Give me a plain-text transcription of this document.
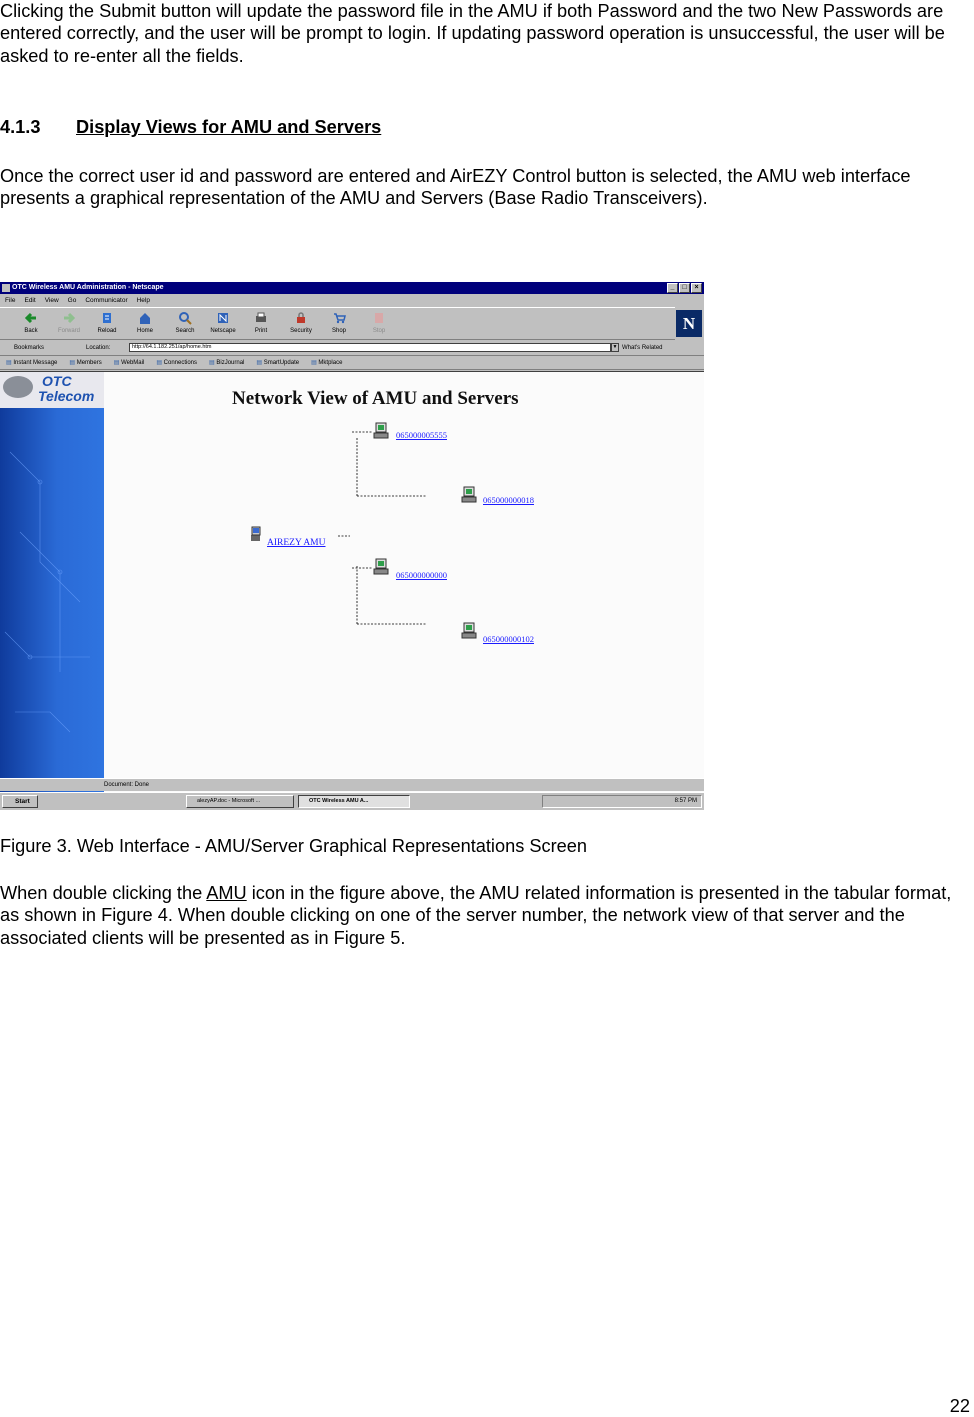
Clicking the Submit button will update the password file in the AMU if both Password and the two New Passwords are entered correctly, and the user will be prompt to login. If updating password operation is unsuccessful, the user will be asked to re-enter all the fields.

4.1.3 Display Views for AMU and Servers

Once the correct user id and password are entered and AirEZY Control button is selected, the AMU web interface presents a graphical representation of the AMU and Servers (Base Radio Transceivers).

OTC Wireless AMU Administration - Netscape	_	□	×
File Edit View Go Communicator Help
Back	Forward	Reload	Home	Search	Netscape	Print	Security	Shop	Stop	N
Bookmarks	Location:	http://64.1.182.251/ap/home.htm	▼ What's Related
▤ Instant Message	▤ Members	▤ WebMail	▤ Connections	▤ BizJournal	▤ SmartUpdate	▤ Mktplace
OTC
Telecom	Network View of AMU and Servers
AIREZY AMU
065000005555
065000000018
065000000000
065000000102
Document: Done
Start	alezyAP.doc - Microsoft ...	OTC Wireless AMU A...	8:57 PM
Figure 3. Web Interface - AMU/Server Graphical Representations Screen

When double clicking the AMU icon in the figure above, the AMU related information is presented in the tabular format, as shown in Figure 4. When double clicking on one of the server number, the network view of that server and the associated clients will be presented as in Figure 5.

22
